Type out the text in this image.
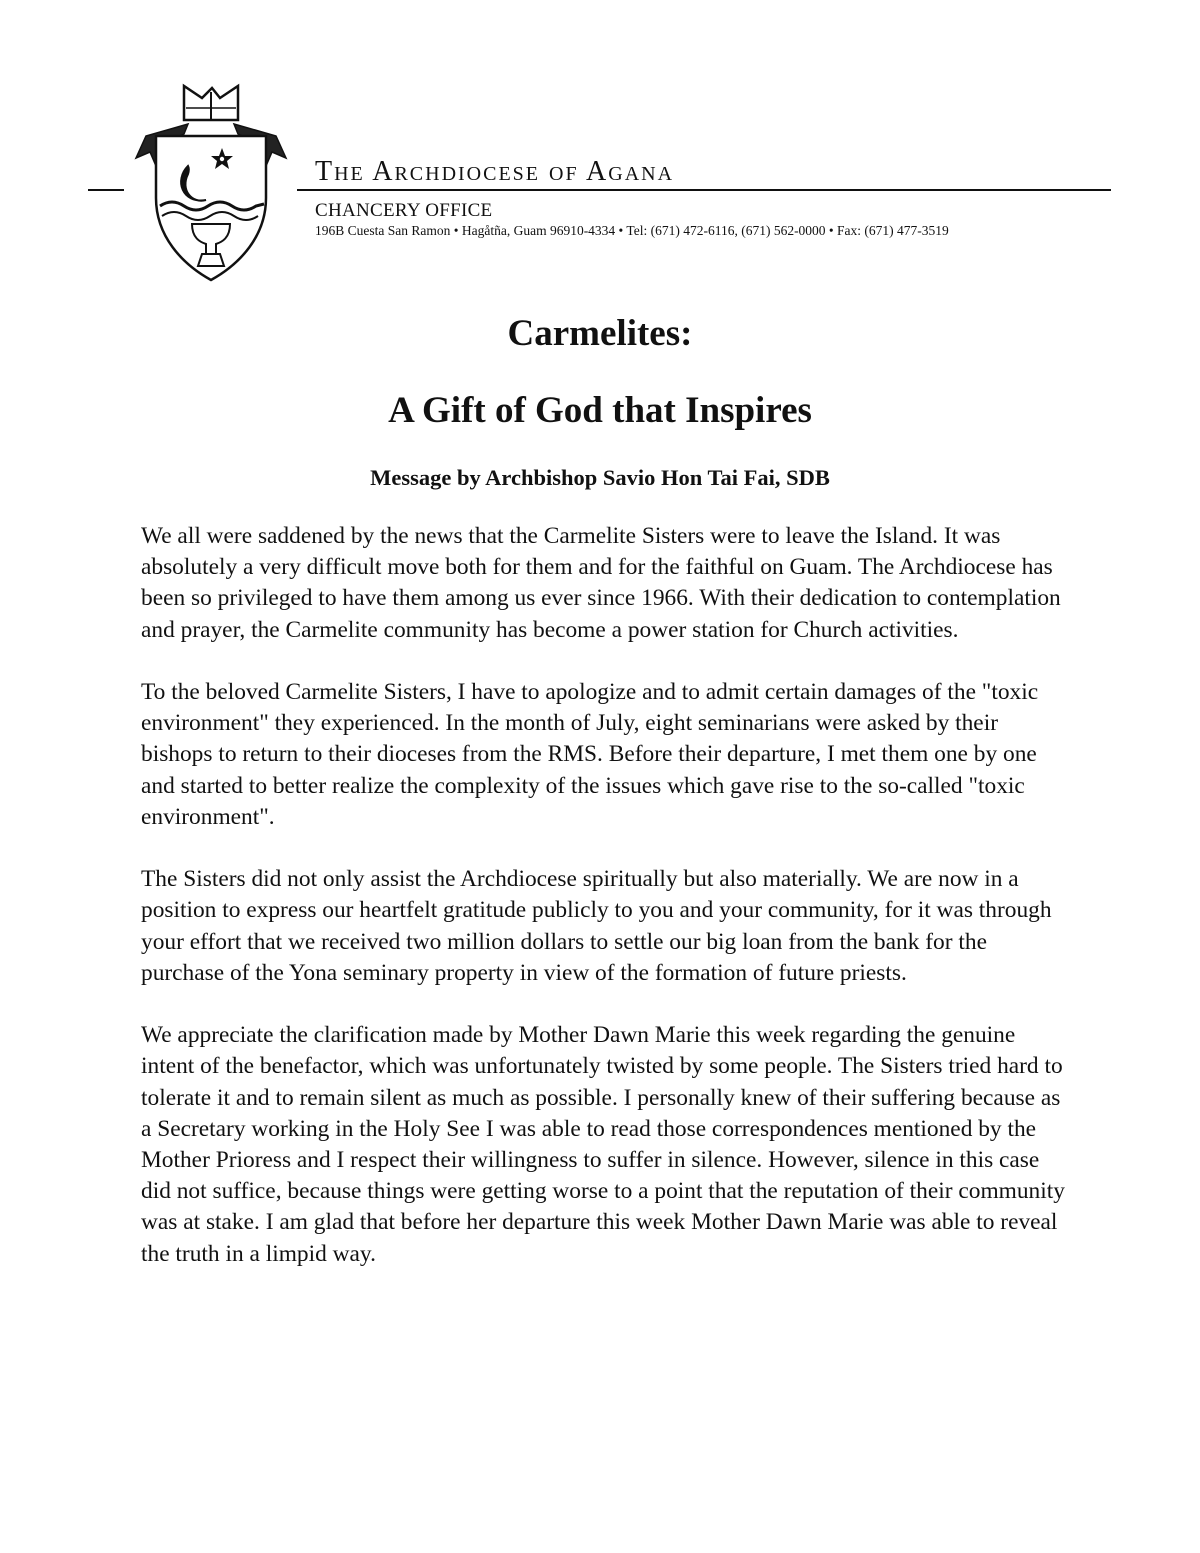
The Archdiocese of Agana
CHANCERY OFFICE
196B Cuesta San Ramon • Hagåtña, Guam 96910-4334 • Tel: (671) 472-6116, (671) 562-0000 • Fax: (671) 477-3519
Carmelites:
A Gift of God that Inspires
Message by Archbishop Savio Hon Tai Fai, SDB

We all were saddened by the news that the Carmelite Sisters were to leave the Island. It was absolutely a very difficult move both for them and for the faithful on Guam. The Archdiocese has been so privileged to have them among us ever since 1966. With their dedication to contemplation and prayer, the Carmelite community has become a power station for Church activities.

To the beloved Carmelite Sisters, I have to apologize and to admit certain damages of the "toxic environment" they experienced. In the month of July, eight seminarians were asked by their bishops to return to their dioceses from the RMS. Before their departure, I met them one by one and started to better realize the complexity of the issues which gave rise to the so-called "toxic environment".

The Sisters did not only assist the Archdiocese spiritually but also materially. We are now in a position to express our heartfelt gratitude publicly to you and your community, for it was through your effort that we received two million dollars to settle our big loan from the bank for the purchase of the Yona seminary property in view of the formation of future priests.

We appreciate the clarification made by Mother Dawn Marie this week regarding the genuine intent of the benefactor, which was unfortunately twisted by some people. The Sisters tried hard to tolerate it and to remain silent as much as possible. I personally knew of their suffering because as a Secretary working in the Holy See I was able to read those correspondences mentioned by the Mother Prioress and I respect their willingness to suffer in silence. However, silence in this case did not suffice, because things were getting worse to a point that the reputation of their community was at stake. I am glad that before her departure this week Mother Dawn Marie was able to reveal the truth in a limpid way.
